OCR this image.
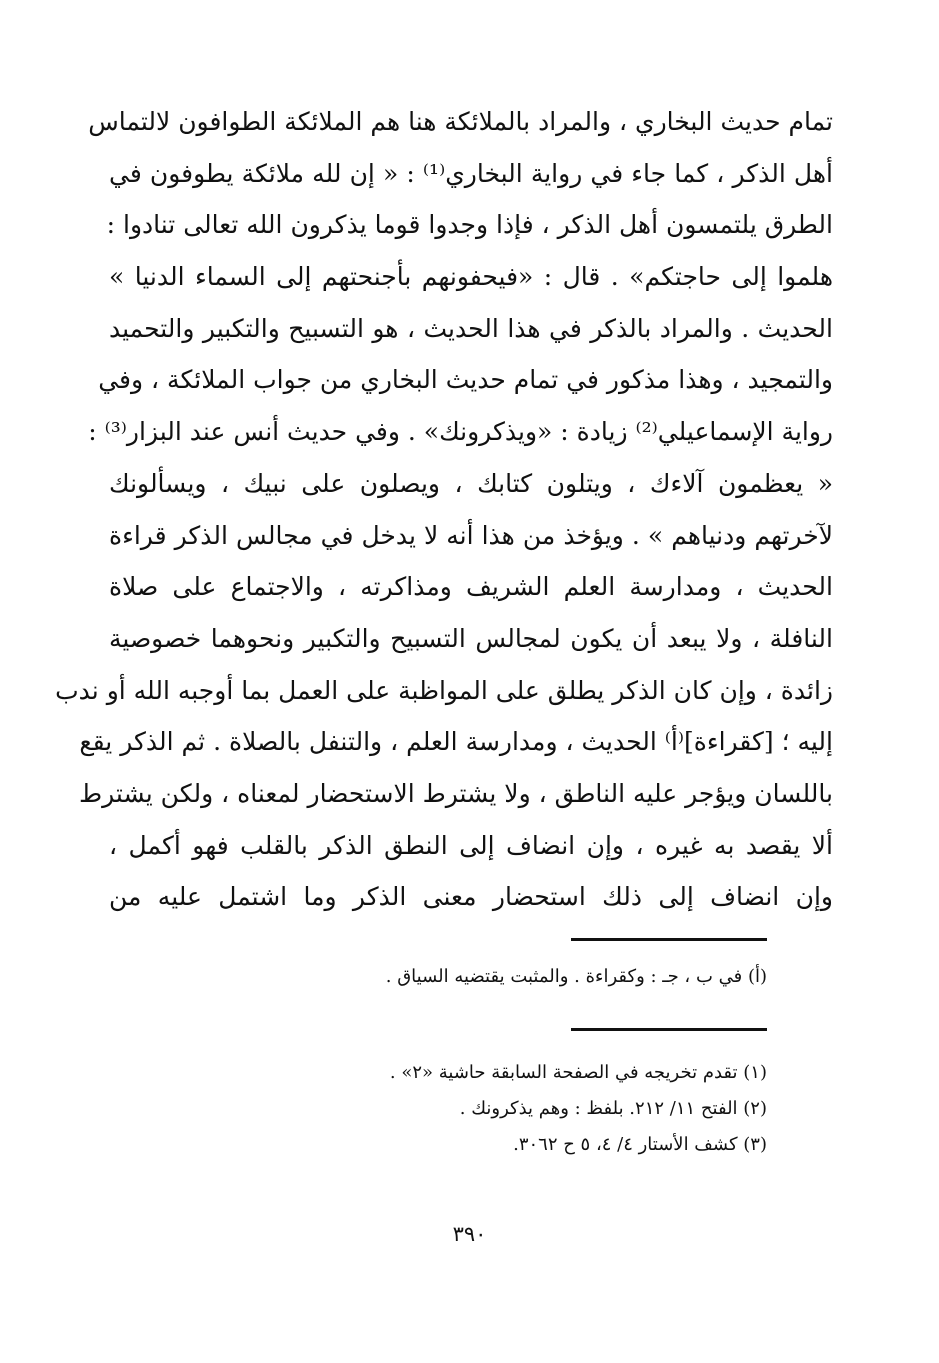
تمام حديث البخاري ، والمراد بالملائكة هنا هم الملائكة الطوافون لالتماس
أهل الذكر ، كما جاء في رواية البخاري⁽¹⁾ : « إن لله ملائكة يطوفون في
الطرق يلتمسون أهل الذكر ، فإذا وجدوا قوما يذكرون الله تعالى تنادوا :
هلموا إلى حاجتكم» . قال : «فيحفونهم بأجنحتهم إلى السماء الدنيا »
الحديث . والمراد بالذكر في هذا الحديث ، هو التسبيح والتكبير والتحميد
والتمجيد ، وهذا مذكور في تمام حديث البخاري من جواب الملائكة ، وفي
رواية الإسماعيلي⁽²⁾ زيادة : «ويذكرونك» . وفي حديث أنس عند البزار⁽³⁾ :
« يعظمون آلاءك ، ويتلون كتابك ، ويصلون على نبيك ، ويسألونك
لآخرتهم ودنياهم » . ويؤخذ من هذا أنه لا يدخل في مجالس الذكر قراءة
الحديث ، ومدارسة العلم الشريف ومذاكرته ، والاجتماع على صلاة
النافلة ، ولا يبعد أن يكون لمجالس التسبيح والتكبير ونحوهما خصوصية
زائدة ، وإن كان الذكر يطلق على المواظبة على العمل بما أوجبه الله أو ندب
إليه ؛ [كقراءة]⁽أ⁾ الحديث ، ومدارسة العلم ، والتنفل بالصلاة . ثم الذكر يقع
باللسان ويؤجر عليه الناطق ، ولا يشترط الاستحضار لمعناه ، ولكن يشترط
ألا يقصد به غيره ، وإن انضاف إلى النطق الذكر بالقلب فهو أكمل ،
وإن انضاف إلى ذلك استحضار معنى الذكر وما اشتمل عليه من
(أ) في ب ، جـ : وكقراءة . والمثبت يقتضيه السياق .
(١) تقدم تخريجه في الصفحة السابقة حاشية «٢» .
(٢) الفتح ١١/ ٢١٢. بلفظ : وهم يذكرونك .
(٣) كشف الأستار ٤/ ٤، ٥ ح ٣٠٦٢.
٣٩٠
